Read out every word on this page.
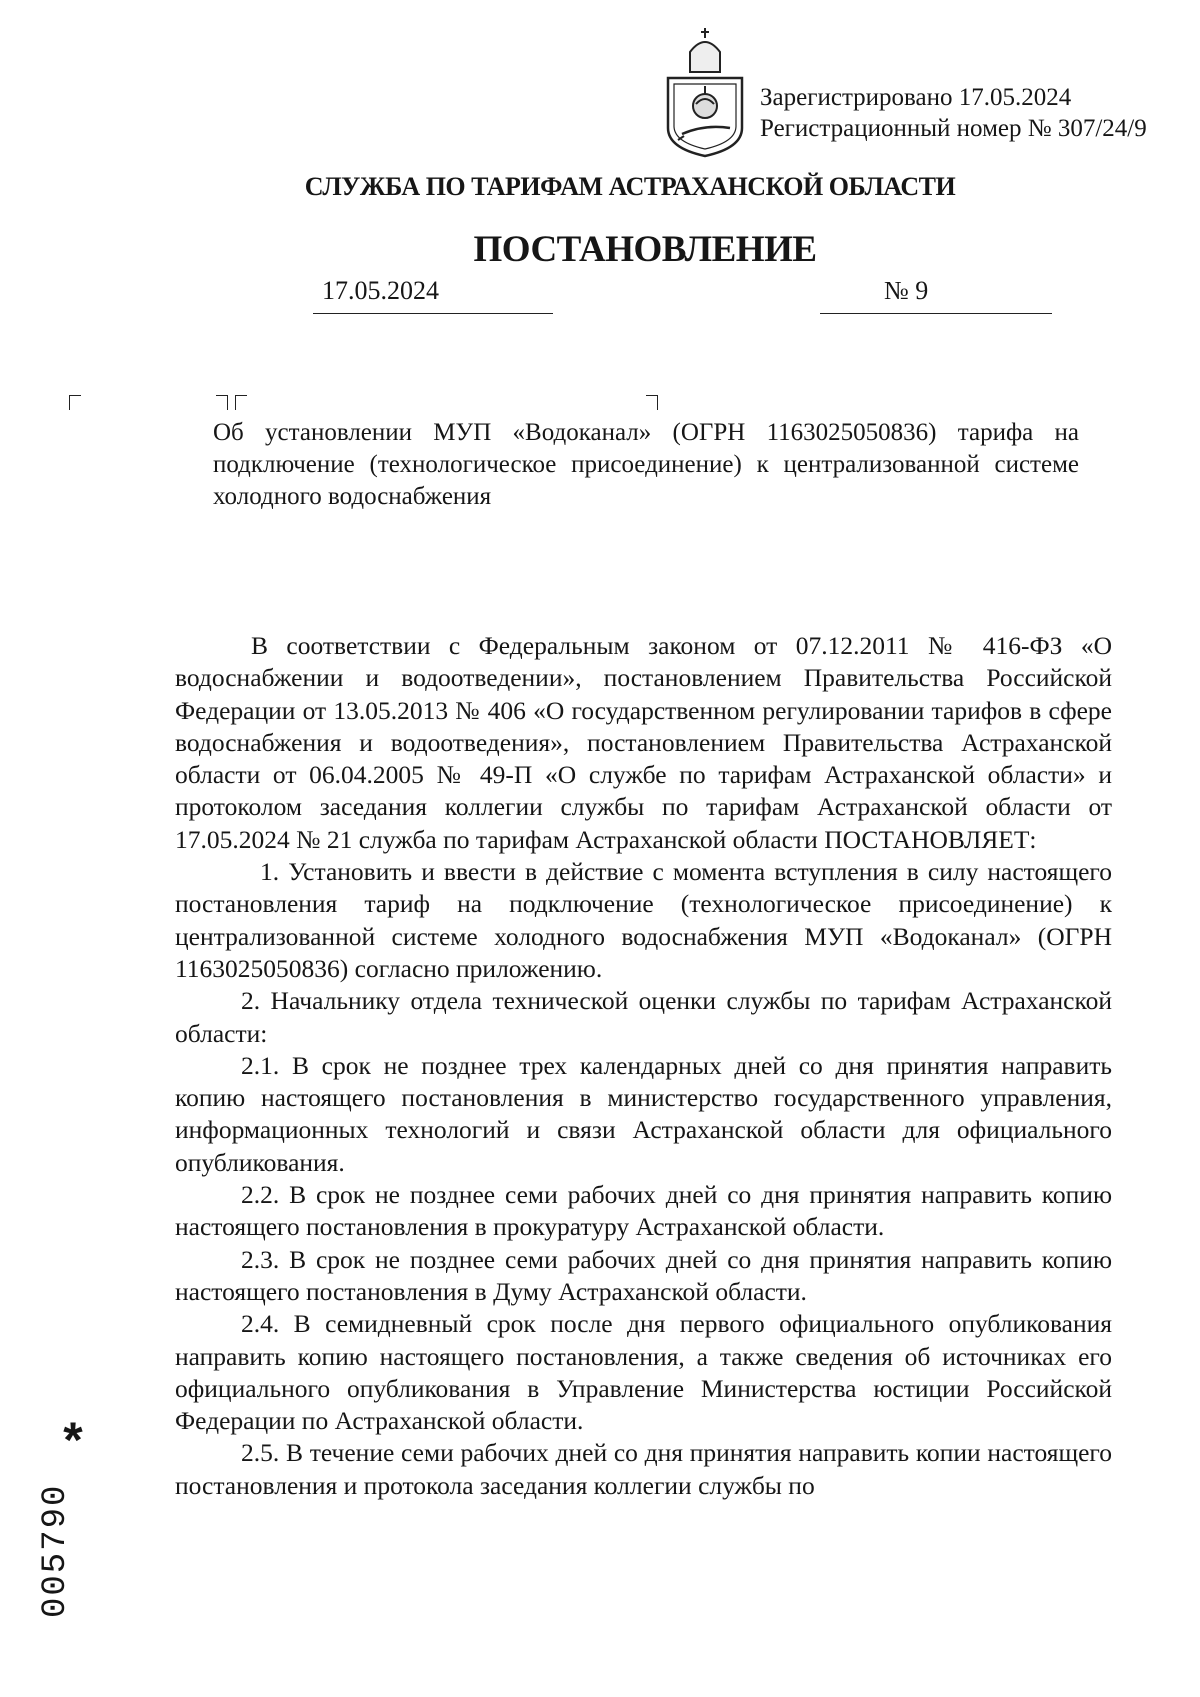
Зарегистрировано 17.05.2024
Регистрационный номер № 307/24/9
СЛУЖБА ПО ТАРИФАМ АСТРАХАНСКОЙ ОБЛАСТИ
ПОСТАНОВЛЕНИЕ
17.05.2024	№ 9

Об установлении МУП «Водоканал» (ОГРН 1163025050836) тарифа на подключение (технологическое присоединение) к централизованной системе холодного водоснабжения

В соответствии с Федеральным законом от 07.12.2011 № 416-ФЗ «О водоснабжении и водоотведении», постановлением Правительства Российской Федерации от 13.05.2013 № 406 «О государственном регулировании тарифов в сфере водоснабжения и водоотведения», постановлением Правительства Астраханской области от 06.04.2005 № 49-П «О службе по тарифам Астраханской области» и протоколом заседания коллегии службы по тарифам Астраханской области от 17.05.2024 № 21 служба по тарифам Астраханской области ПОСТАНОВЛЯЕТ:

1. Установить и ввести в действие с момента вступления в силу настоящего постановления тариф на подключение (технологическое присоединение) к централизованной системе холодного водоснабжения МУП «Водоканал» (ОГРН 1163025050836) согласно приложению.

2. Начальнику отдела технической оценки службы по тарифам Астраханской области:

2.1. В срок не позднее трех календарных дней со дня принятия направить копию настоящего постановления в министерство государственного управления, информационных технологий и связи Астраханской области для официального опубликования.

2.2. В срок не позднее семи рабочих дней со дня принятия направить копию настоящего постановления в прокуратуру Астраханской области.

2.3. В срок не позднее семи рабочих дней со дня принятия направить копию настоящего постановления в Думу Астраханской области.

2.4. В семидневный срок после дня первого официального опубликования направить копию настоящего постановления, а также сведения об источниках его официального опубликования в Управление Министерства юстиции Российской Федерации по Астраханской области.

2.5. В течение семи рабочих дней со дня принятия направить копии настоящего постановления и протокола заседания коллегии службы по

*
005790
